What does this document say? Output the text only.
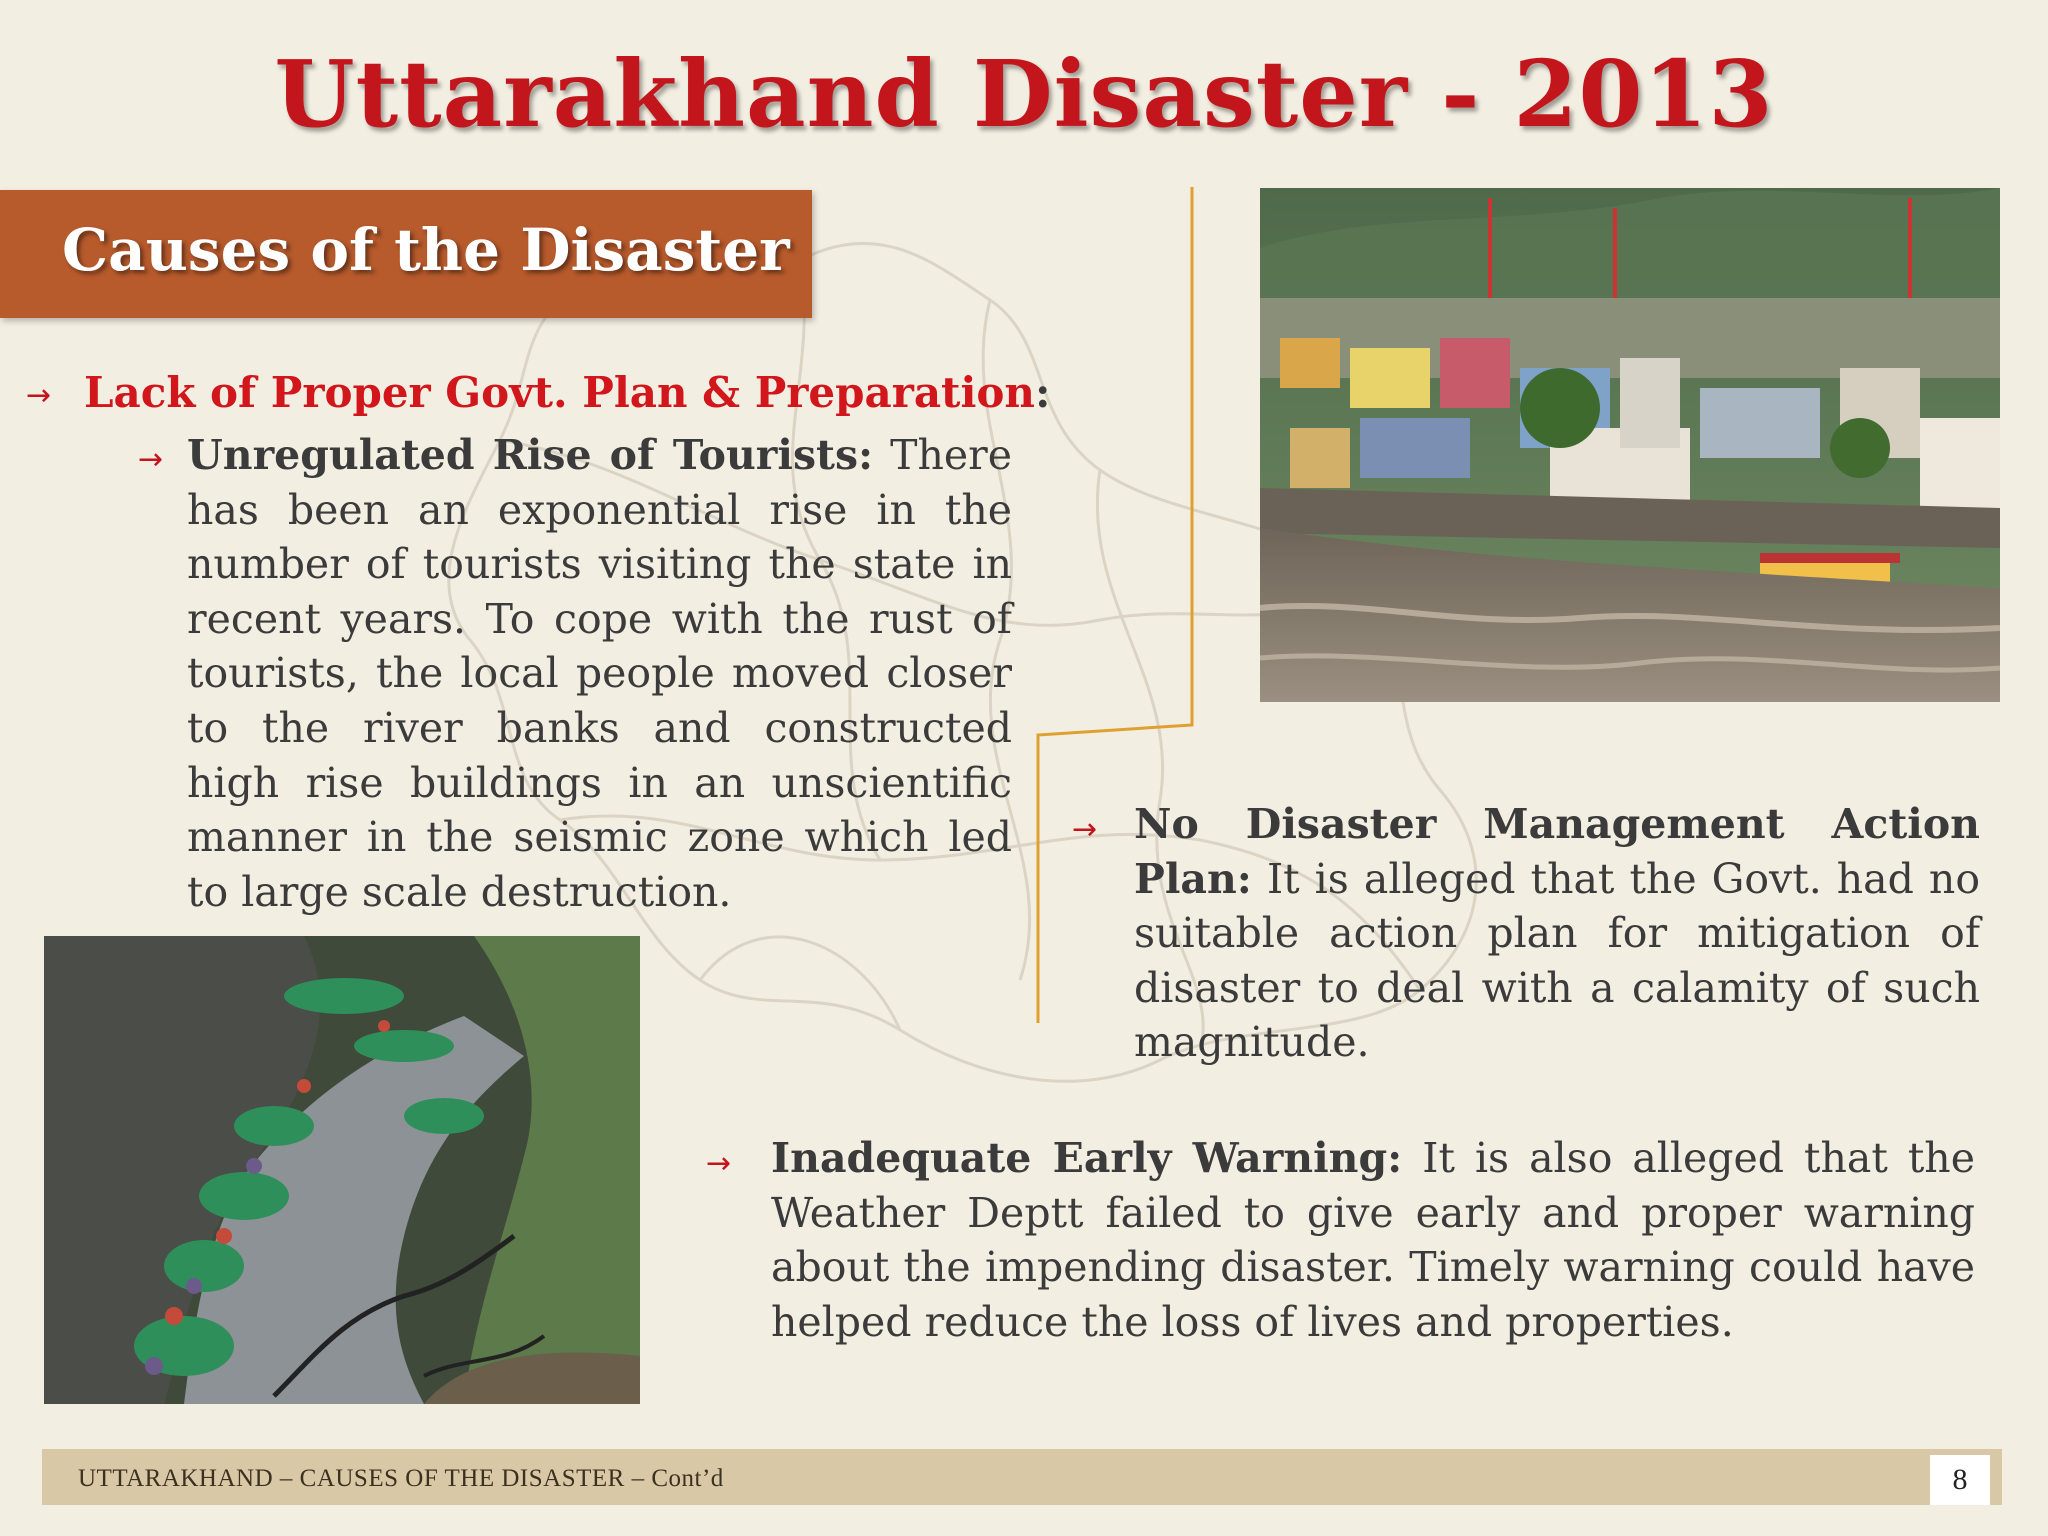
Uttarakhand Disaster - 2013
Causes of the Disaster
→ Lack of Proper Govt. Plan & Preparation:
→ Unregulated Rise of Tourists: There has been an exponential rise in the number of tourists visiting the state in recent years. To cope with the rust of tourists, the local people moved closer to the river banks and constructed high rise buildings in an unscientific manner in the seismic zone which led to large scale destruction.
→ No Disaster Management Action Plan: It is alleged that the Govt. had no suitable action plan for mitigation of disaster to deal with a calamity of such magnitude.
→ Inadequate Early Warning: It is also alleged that the Weather Deptt failed to give early and proper warning about the impending disaster. Timely warning could have helped reduce the loss of lives and properties.
UTTARAKHAND – CAUSES OF THE DISASTER – Cont’d	8
